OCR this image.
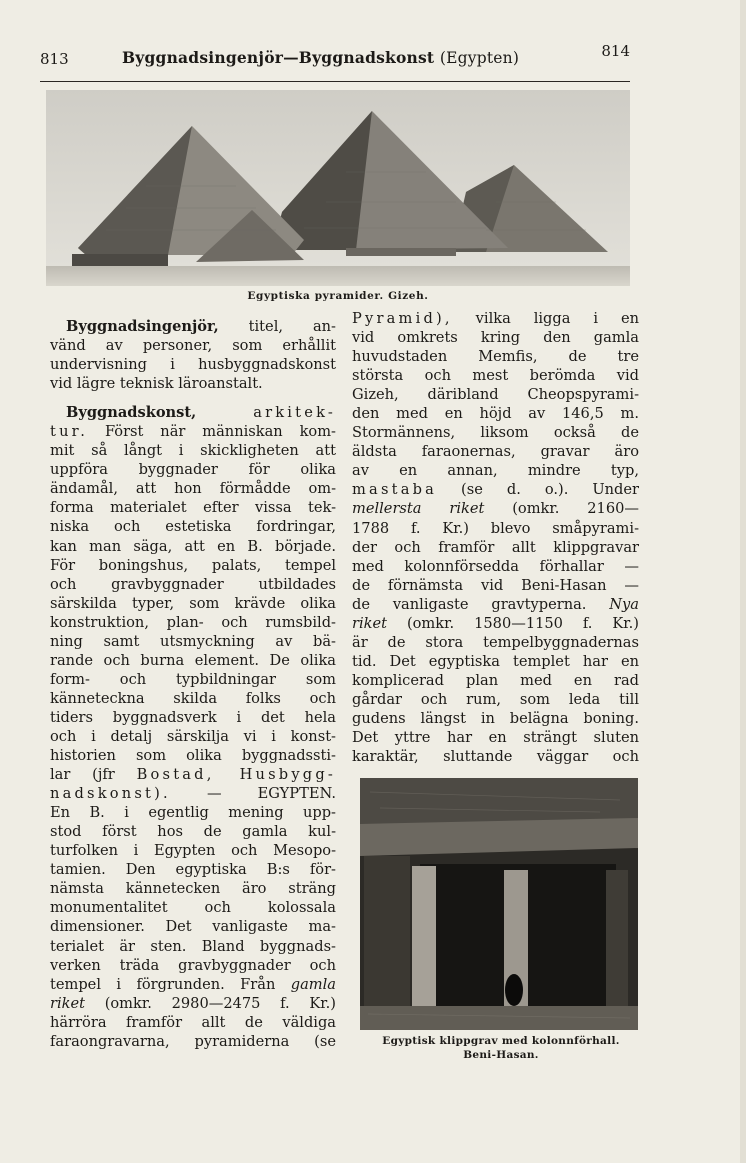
813	Byggnadsingenjör—Byggnadskonst (Egypten)	814
Egyptiska pyramider. Gizeh.
Byggnadsingenjör, titel, an-
vänd av personer, som erhållit
undervisning i husbyggnadskonst
vid lägre teknisk läroanstalt.
Byggnadskonst,	arkitek-
tur. Först när människan kom-
mit så långt i skickligheten att
uppföra byggnader för olika
ändamål, att hon förmådde om-
forma materialet efter vissa tek-
niska och estetiska fordringar,
kan man säga, att en B. började.
För boningshus, palats, tempel
och gravbyggnader utbildades
särskilda typer, som krävde olika
konstruktion, plan- och rumsbild-
ning samt utsmyckning av bä-
rande och burna element. De olika
form- och typbildningar som
känneteckna skilda folks och
tiders byggnadsverk i det hela
och i detalj särskilja vi i konst-
historien som olika byggnadssti-
lar (jfr Bostad, Husbygg-
nadskonst). — EGYPTEN.
En B. i egentlig mening upp-
stod först hos de gamla kul-
turfolken i Egypten och Mesopo-
tamien. Den egyptiska B:s för-
nämsta kännetecken äro sträng
monumentalitet och kolossala
dimensioner. Det vanligaste ma-
terialet är sten. Bland byggnads-
verken träda gravbyggnader och
tempel i förgrunden. Från gamla
riket (omkr. 2980—2475 f. Kr.)
härröra framför allt de väldiga
faraongravarna, pyramiderna (se
Pyramid), vilka ligga i en
vid omkrets kring den gamla
huvudstaden Memfis, de tre
största och mest berömda vid
Gizeh, däribland Cheopspyrami-
den med en höjd av 146,5 m.
Stormännens, liksom också de
äldsta faraonernas, gravar äro
av en annan, mindre typ,
mastaba (se d. o.). Under
mellersta riket (omkr. 2160—
1788 f. Kr.) blevo småpyrami-
der och framför allt klippgravar
med kolonnförsedda förhallar —
de förnämsta vid Beni-Hasan —
de vanligaste gravtyperna. Nya
riket (omkr. 1580—1150 f. Kr.)
är de stora tempelbyggnadernas
tid. Det egyptiska templet har en
komplicerad plan med en rad
gårdar och rum, som leda till
gudens längst in belägna boning.
Det yttre har en strängt sluten
karaktär, sluttande väggar och
Egyptisk klippgrav med kolonnförhall.
Beni-Hasan.
